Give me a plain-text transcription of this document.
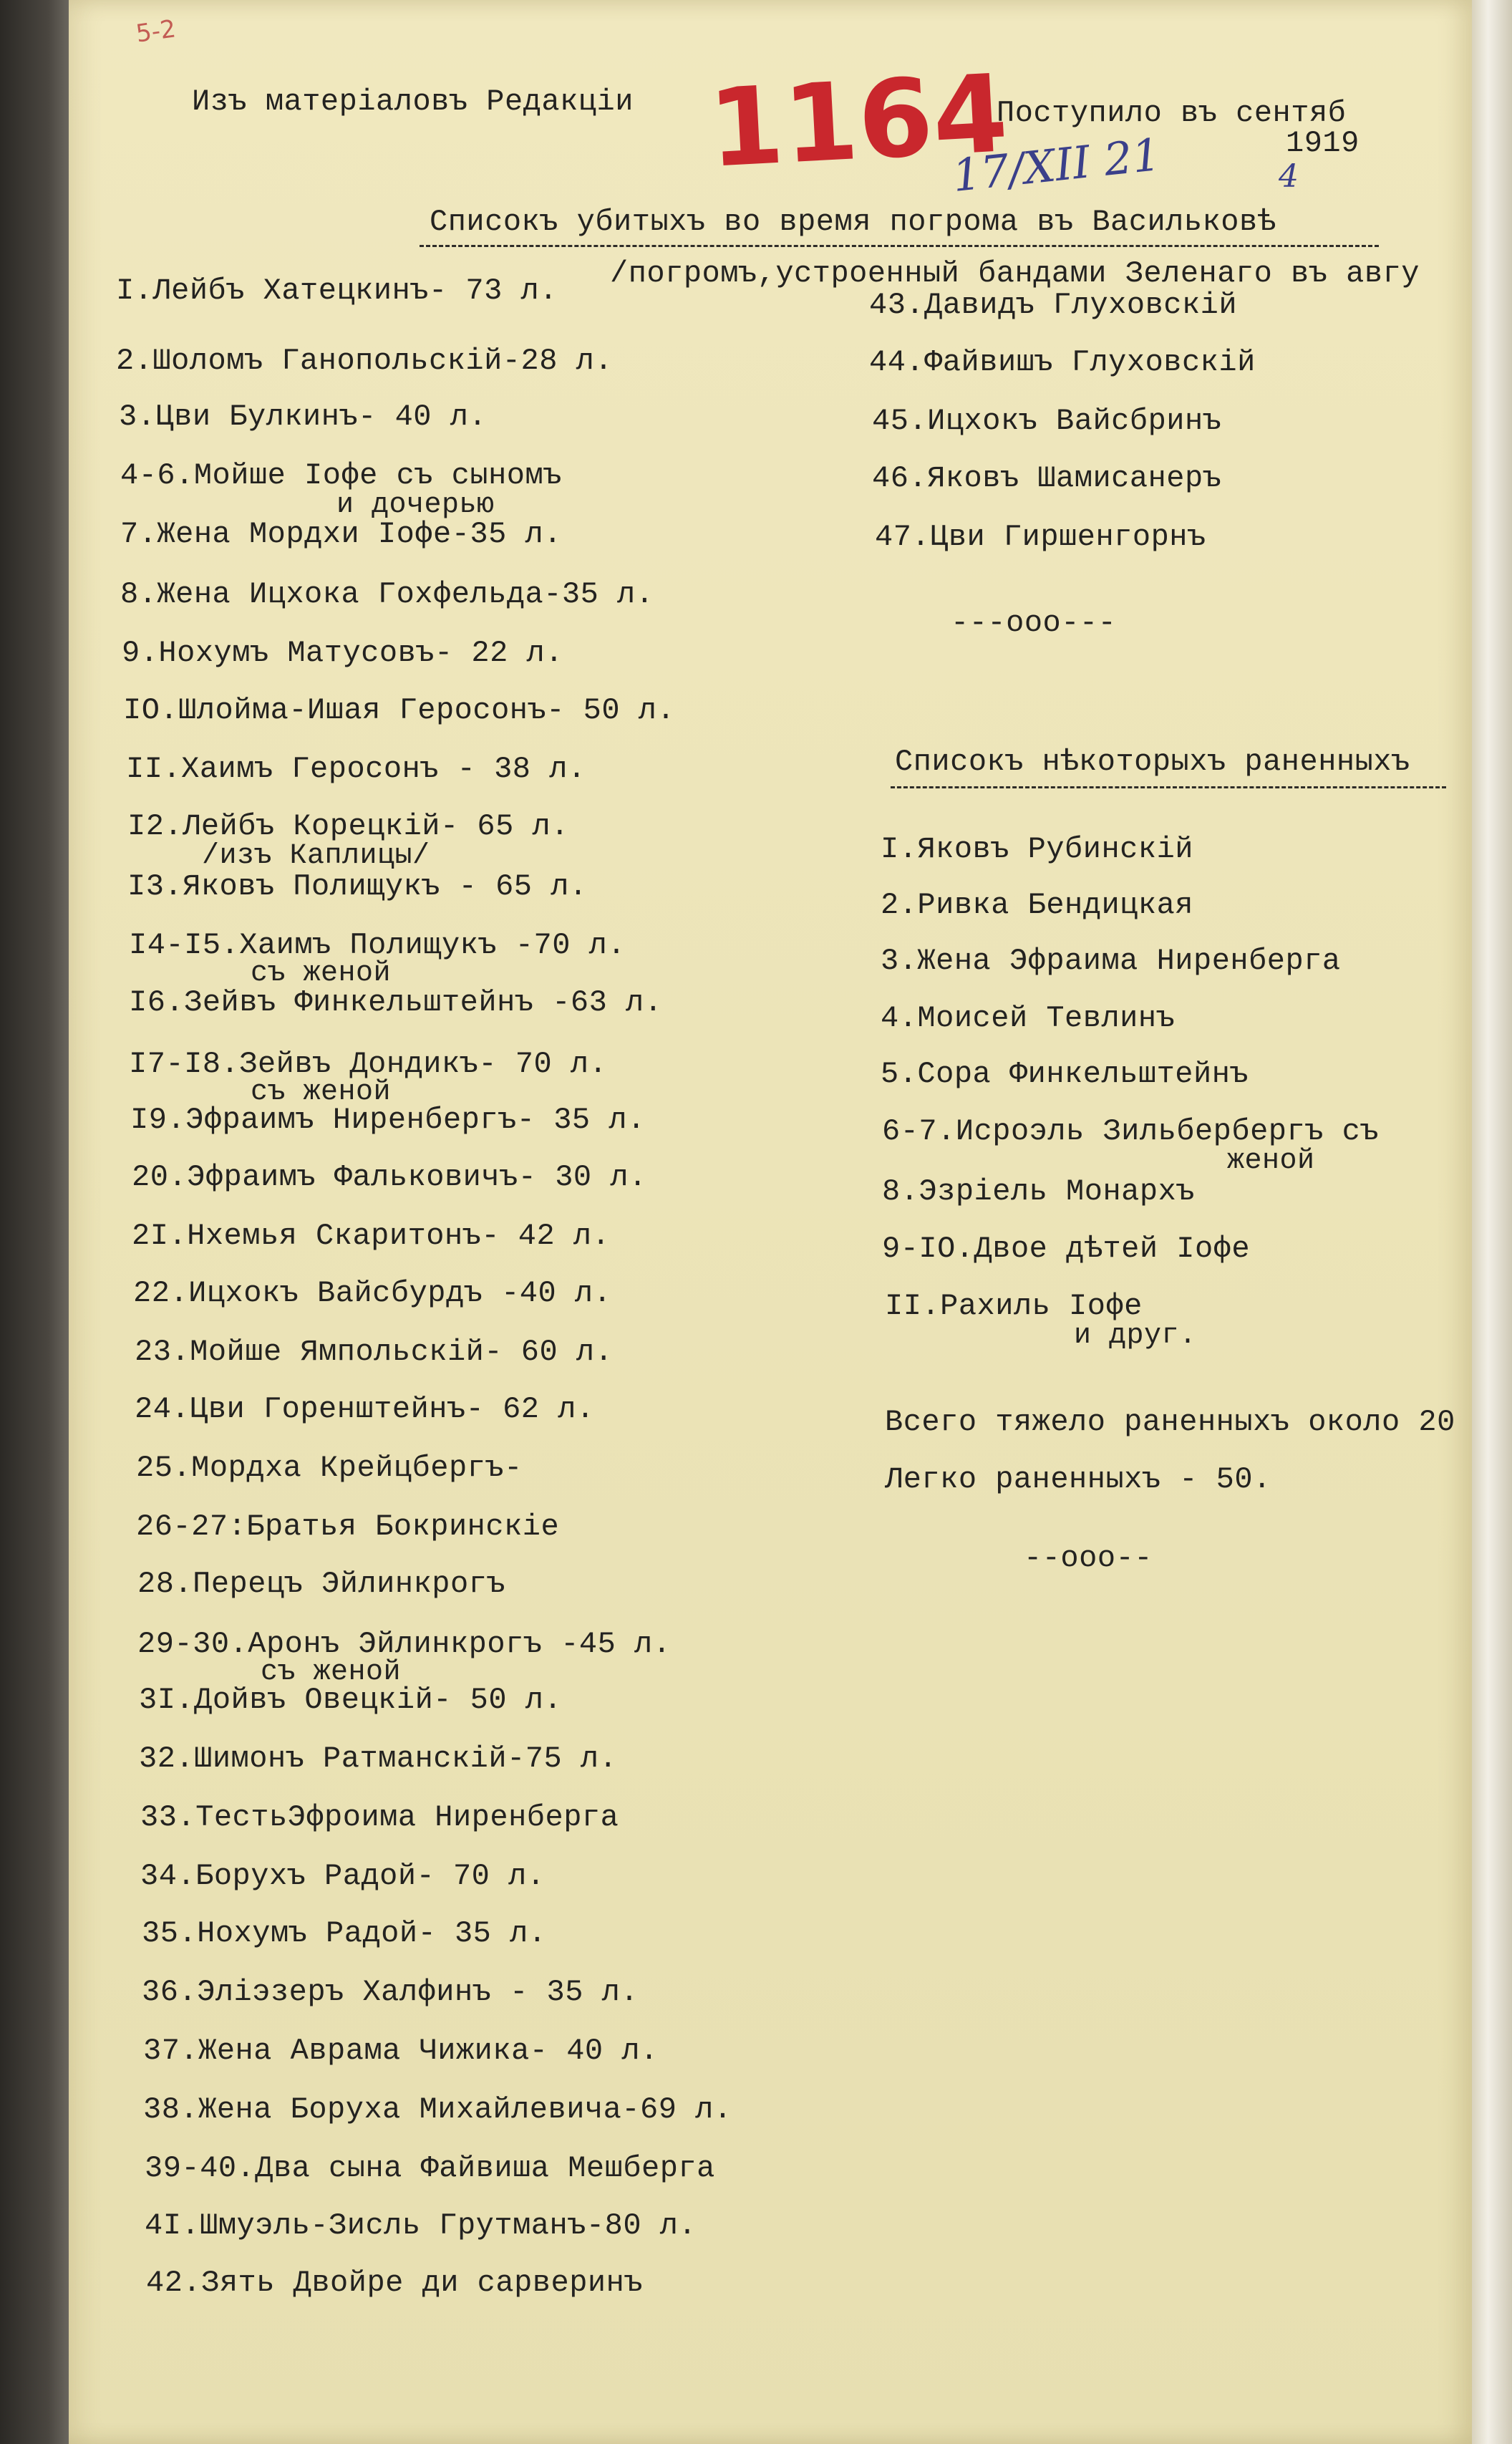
5-2
Изъ матеріаловъ Редакціи	Поступило въ сентяб
1919
1164
17/XII 21	4
Списокъ убитыхъ во время погрома въ Васильковѣ
/погромъ,устроенный бандами Зеленаго въ авгу
I.Лейбъ Хатецкинъ- 73 л.
2.Шоломъ Ганопольскій-28 л.
3.Цви Булкинъ- 40 л.
4-6.Мойше Іофе съ сыномъ
и дочерью
7.Жена Мордхи Іофе-35 л.
8.Жена Ицхока Гохфельда-35 л.
9.Нохумъ Матусовъ- 22 л.
IO.Шлойма-Ишая Геросонъ- 50 л.
II.Хаимъ Геросонъ - 38 л.
I2.Лейбъ Корецкій- 65 л.
/изъ Каплицы/
I3.Яковъ Полищукъ - 65 л.
I4-I5.Хаимъ Полищукъ -70 л.
съ женой
I6.Зейвъ Финкельштейнъ -63 л.
I7-I8.Зейвъ Дондикъ- 70 л.
съ женой
I9.Эфраимъ Ниренбергъ- 35 л.
20.Эфраимъ Фальковичъ- 30 л.
2I.Нхемья Скаритонъ- 42 л.
22.Ицхокъ Вайсбурдъ -40 л.
23.Мойше Ямпольскій- 60 л.
24.Цви Горенштейнъ- 62 л.
25.Мордха Крейцбергъ-
26-27:Братья Бокринскіе
28.Перецъ Эйлинкрогъ
29-30.Аронъ Эйлинкрогъ -45 л.
съ женой
3I.Дойвъ Овецкій- 50 л.
32.Шимонъ Ратманскій-75 л.
33.ТестьЭфроима Ниренберга
34.Борухъ Радой- 70 л.
35.Нохумъ Радой- 35 л.
36.Эліэзеръ Халфинъ - 35 л.
37.Жена Аврама Чижика- 40 л.
38.Жена Боруха Михайлевича-69 л.
39-40.Два сына Файвиша Мешберга
4I.Шмуэль-Зисль Грутманъ-80 л.
42.Зять Двойре ди сарверинъ
43.Давидъ Глуховскій
44.Файвишъ Глуховскій
45.Ицхокъ Вайсбринъ
46.Яковъ Шамисанеръ
47.Цви Гиршенгорнъ
---ооо---
Списокъ нѣкоторыхъ раненныхъ
I.Яковъ Рубинскій
2.Ривка Бендицкая
3.Жена Эфраима Ниренберга
4.Моисей Тевлинъ
5.Сора Финкельштейнъ
6-7.Исроэль Зильбербергъ съ
женой
8.Эзріель Монархъ
9-IO.Двое дѣтей Іофе
II.Рахиль Іофе
и друг.
Всего тяжело раненныхъ около 20
Легко раненныхъ - 50.
--ооо--
